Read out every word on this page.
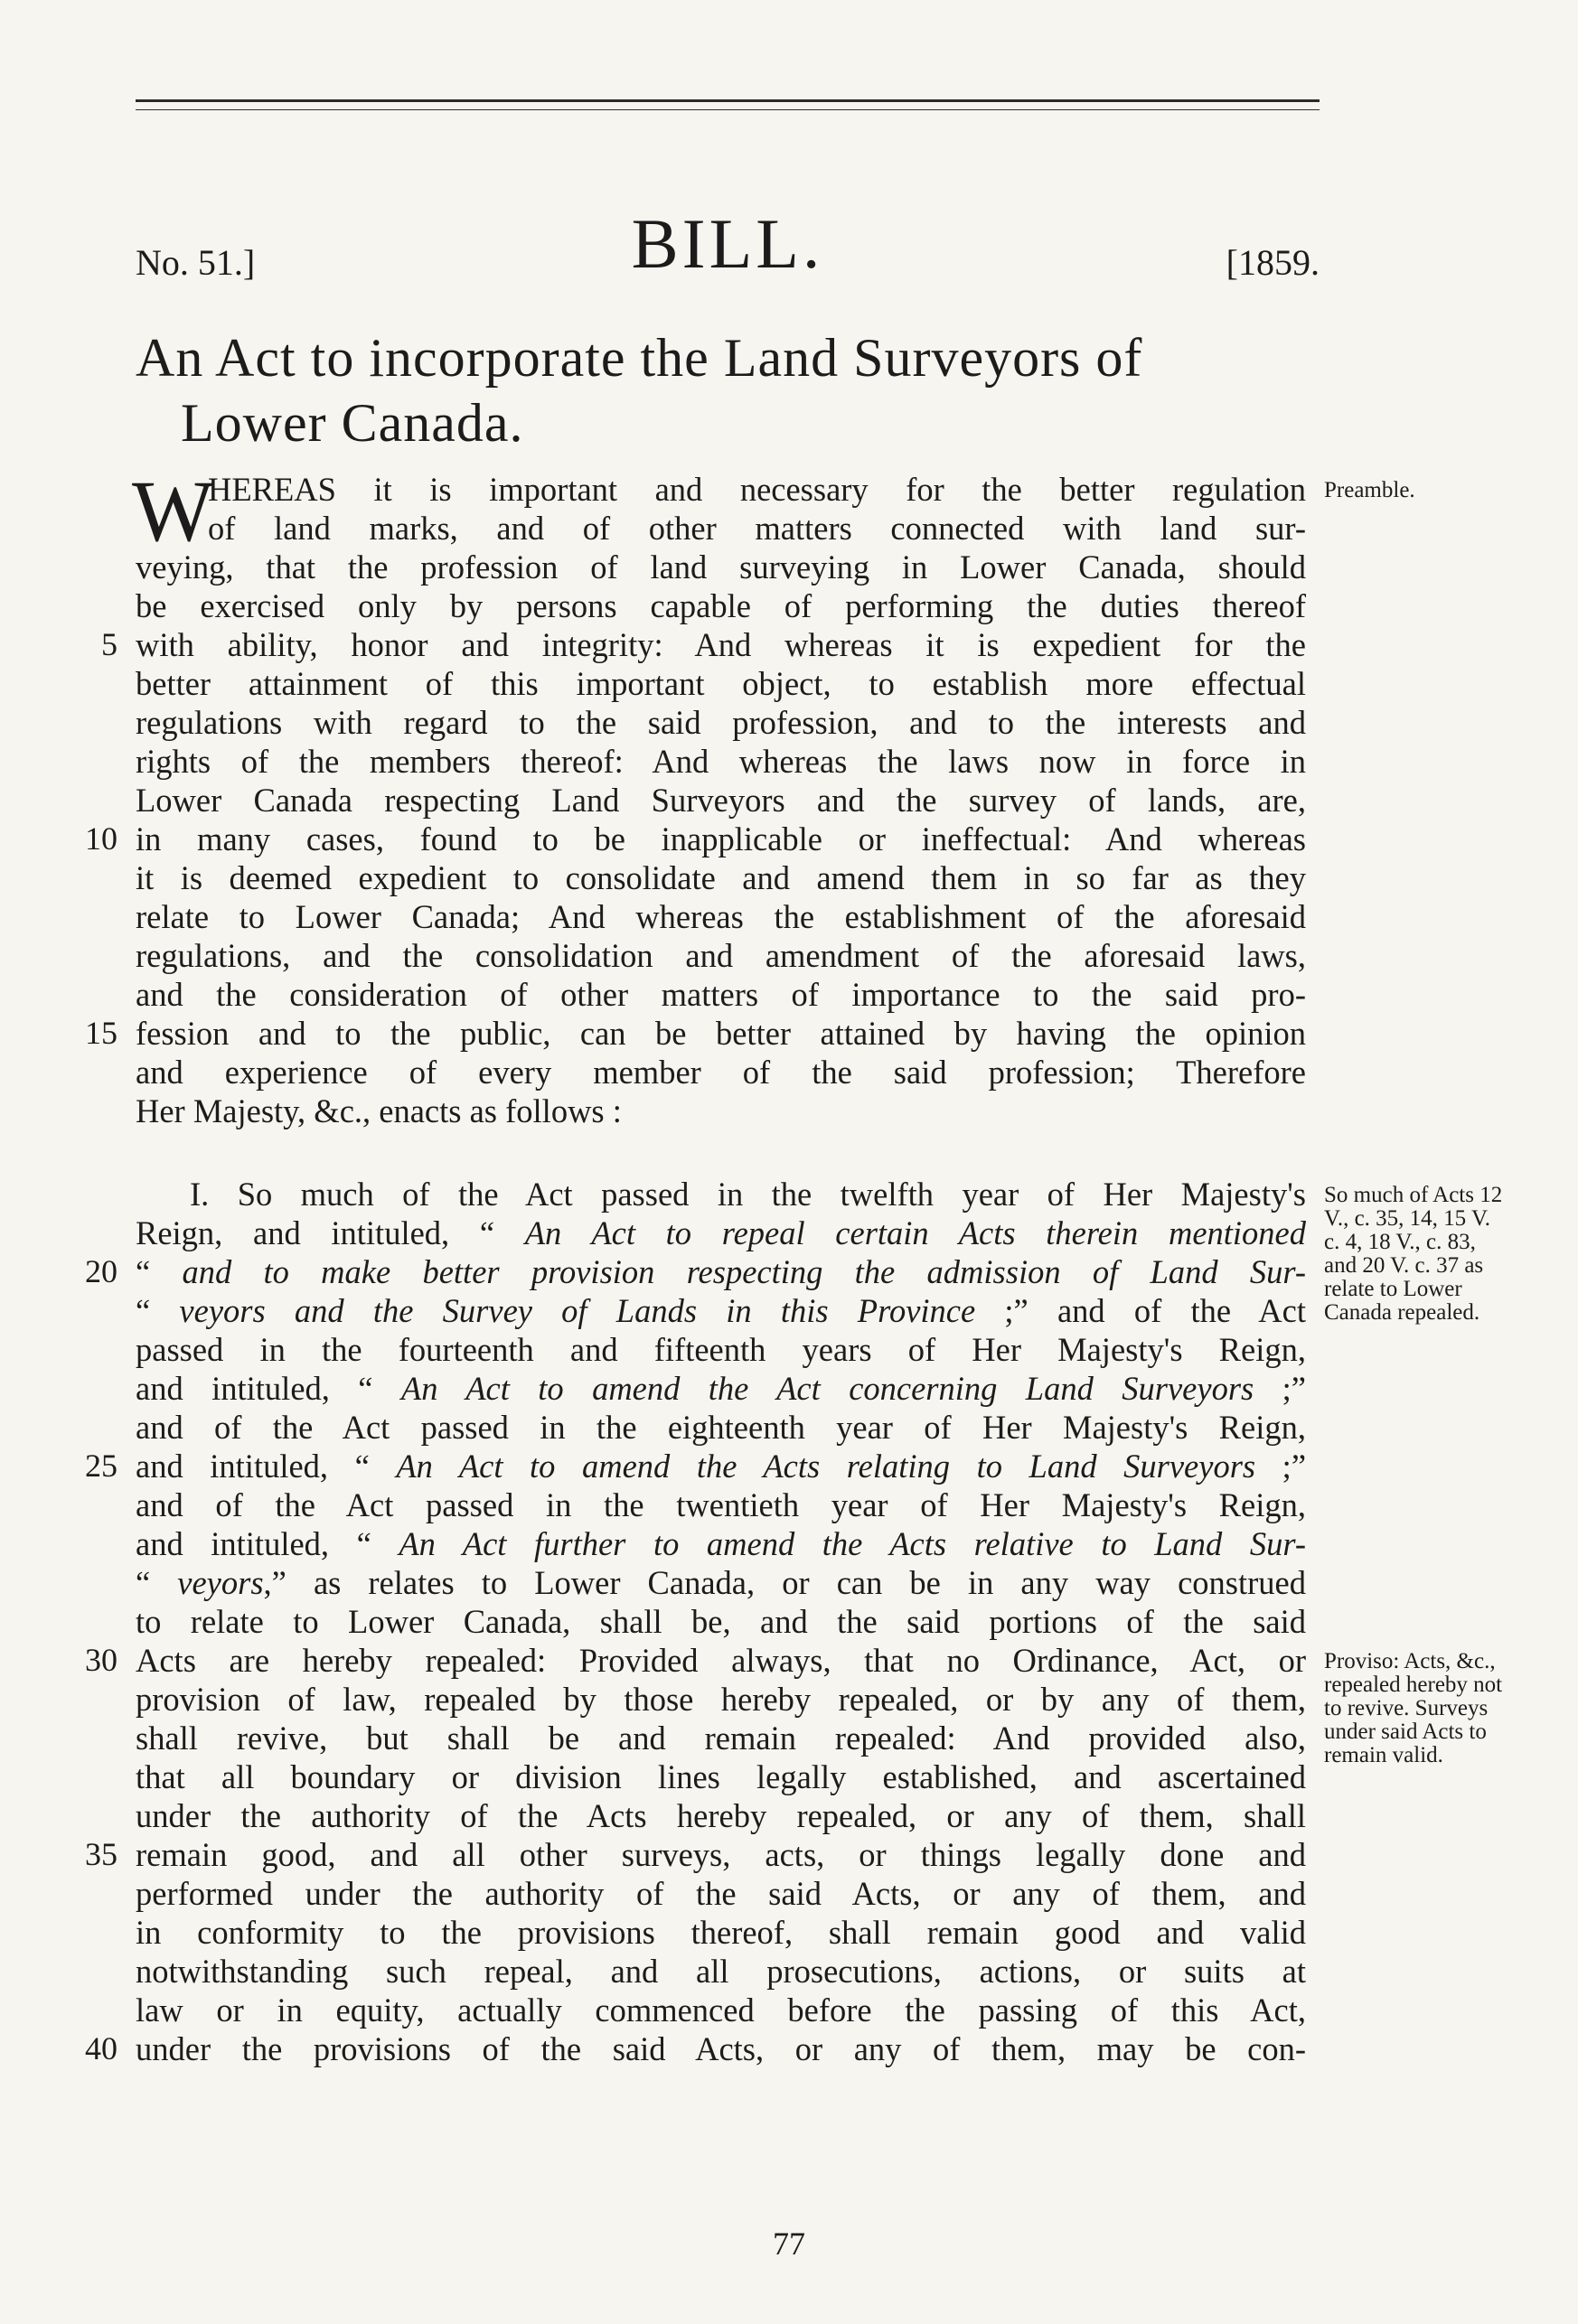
No. 51.]	BILL.	[1859.
An Act to incorporate the Land Surveyors of
Lower Canada.
W
HEREAS it is important and necessary for the better regulation
of land marks, and of other matters connected with land sur-
veying, that the profession of land surveying in Lower Canada, should
be exercised only by persons capable of performing the duties thereof
with ability, honor and integrity: And whereas it is expedient for the
better attainment of this important object, to establish more effectual
regulations with regard to the said profession, and to the interests and
rights of the members thereof: And whereas the laws now in force in
Lower Canada respecting Land Surveyors and the survey of lands, are,
in many cases, found to be inapplicable or ineffectual: And whereas
it is deemed expedient to consolidate and amend them in so far as they
relate to Lower Canada; And whereas the establishment of the aforesaid
regulations, and the consolidation and amendment of the aforesaid laws,
and the consideration of other matters of importance to the said pro-
fession and to the public, can be better attained by having the opinion
and experience of every member of the said profession; Therefore
Her Majesty, &c., enacts as follows :
I. So much of the Act passed in the twelfth year of Her Majesty's
Reign, and intituled, “ An Act to repeal certain Acts therein mentioned
“ and to make better provision respecting the admission of Land Sur-
“ veyors and the Survey of Lands in this Province ;” and of the Act
passed in the fourteenth and fifteenth years of Her Majesty's Reign,
and intituled, “ An Act to amend the Act concerning Land Surveyors ;”
and of the Act passed in the eighteenth year of Her Majesty's Reign,
and intituled, “ An Act to amend the Acts relating to Land Surveyors ;”
and of the Act passed in the twentieth year of Her Majesty's Reign,
and intituled, “ An Act further to amend the Acts relative to Land Sur-
“ veyors,” as relates to Lower Canada, or can be in any way construed
to relate to Lower Canada, shall be, and the said portions of the said
Acts are hereby repealed: Provided always, that no Ordinance, Act, or
provision of law, repealed by those hereby repealed, or by any of them,
shall revive, but shall be and remain repealed: And provided also,
that all boundary or division lines legally established, and ascertained
under the authority of the Acts hereby repealed, or any of them, shall
remain good, and all other surveys, acts, or things legally done and
performed under the authority of the said Acts, or any of them, and
in conformity to the provisions thereof, shall remain good and valid
notwithstanding such repeal, and all prosecutions, actions, or suits at
law or in equity, actually commenced before the passing of this Act,
under the provisions of the said Acts, or any of them, may be con-
5
10
15
20
25
30
35
40
Preamble.
So much of Acts 12 V., c. 35, 14, 15 V. c. 4, 18 V., c. 83, and 20 V. c. 37 as relate to Lower Canada repealed.
Proviso: Acts, &c., repealed hereby not to revive. Surveys under said Acts to remain valid.
77
